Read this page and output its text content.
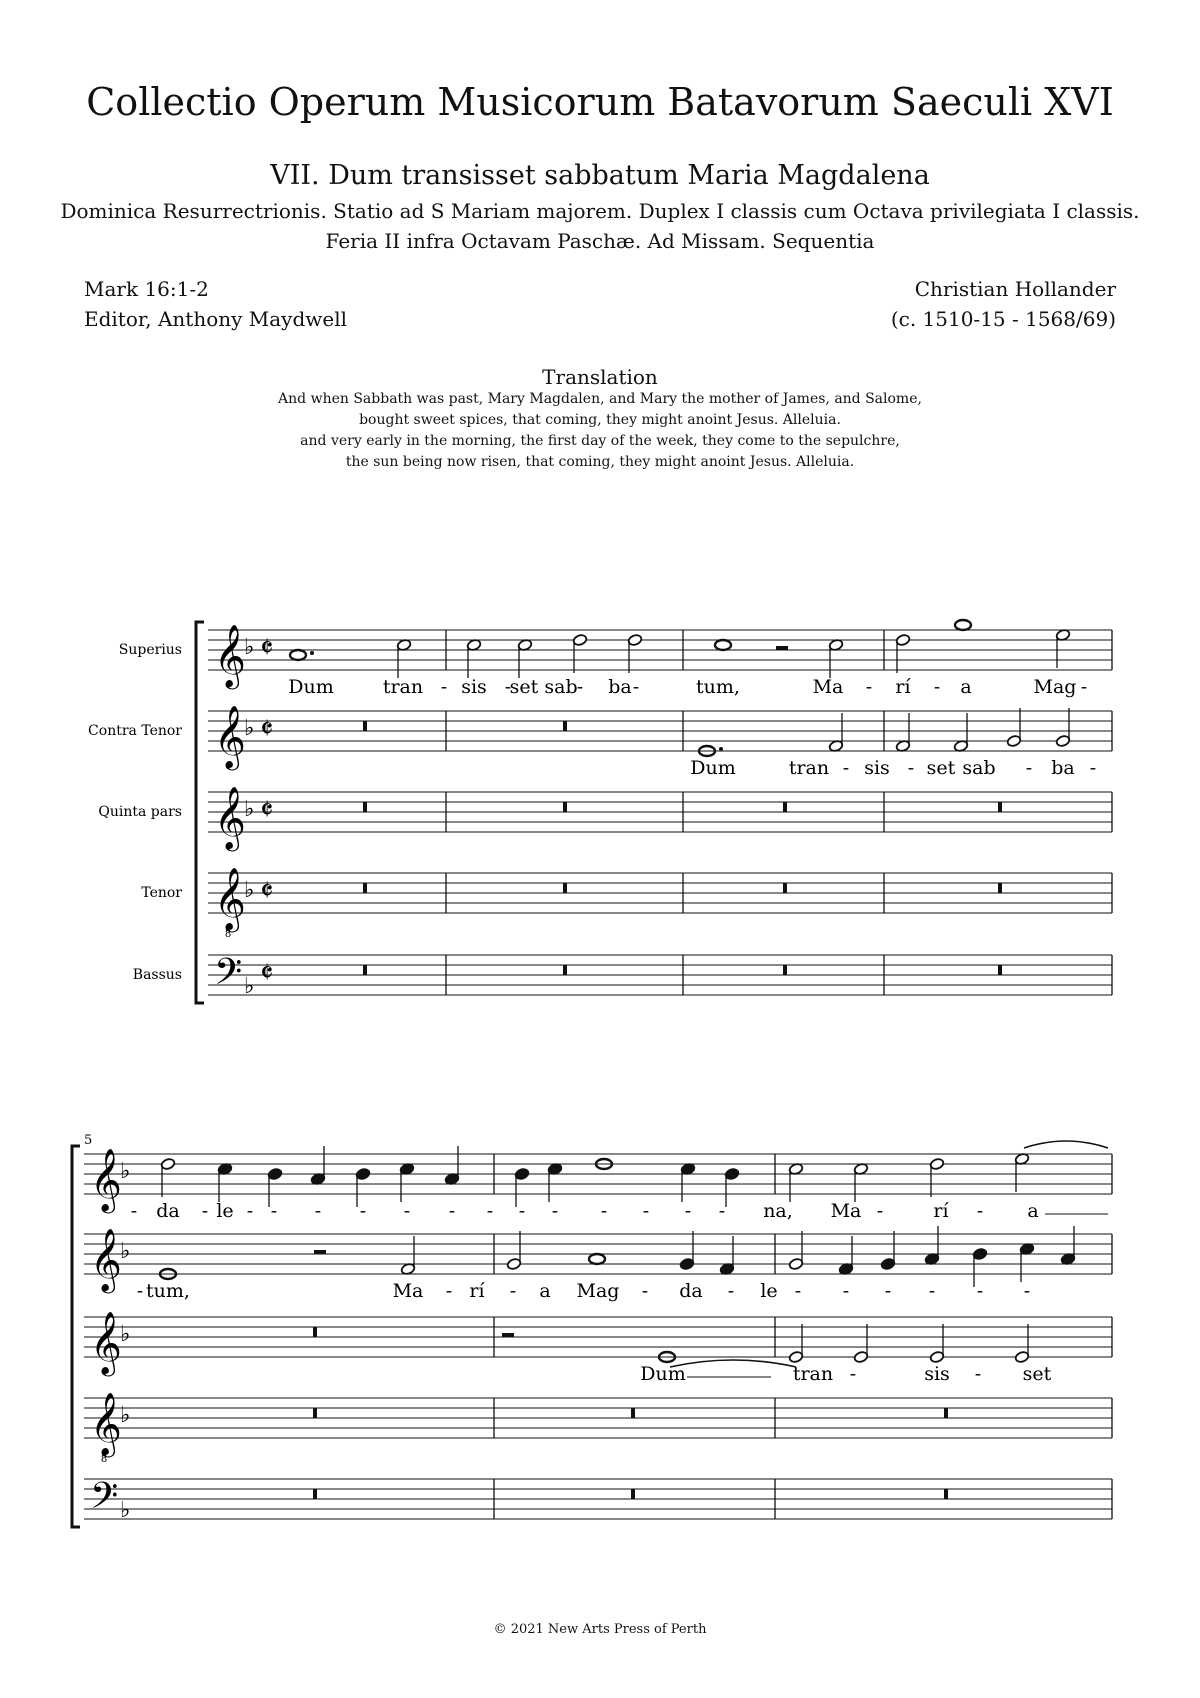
Collectio Operum Musicorum Batavorum Saeculi XVI
VII. Dum transisset sabbatum Maria Magdalena
Dominica Resurrectrionis. Statio ad S Mariam majorem. Duplex I classis cum Octava privilegiata I classis.
Feria II infra Octavam Paschæ. Ad Missam. Sequentia
Mark 16:1-2
Editor, Anthony Maydwell
Christian Hollander
(c. 1510-15 - 1568/69)
Translation
And when Sabbath was past, Mary Magdalen, and Mary the mother of James, and Salome,
bought sweet spices, that coming, they might anoint Jesus. Alleluia.
and very early in the morning, the first day of the week, they come to the sepulchre,
the sun being now risen, that coming, they might anoint Jesus. Alleluia.
𝄞
♭ 𝄵
Superius
𝄞
♭ 𝄵
Contra Tenor
𝄞
♭ 𝄵
Quinta pars
𝄞
8
♭ 𝄵
Tenor
𝄢 ♭ 𝄵
Bassus
Dum	tran - sis -
set sab - ba -	tum,	Ma - rí - a	Mag -
Dum	tran - sis - set sab - ba -
5
𝄞
♭
𝄞
♭
𝄞
♭
𝄞
8
♭
𝄢 ♭
- da - le - - - - - - - - - - - - - na, Ma -	rí - a
- tum,	Ma - rí - a Mag - da - le - - - - - -
Dum	tran -	sis - set
© 2021 New Arts Press of Perth
